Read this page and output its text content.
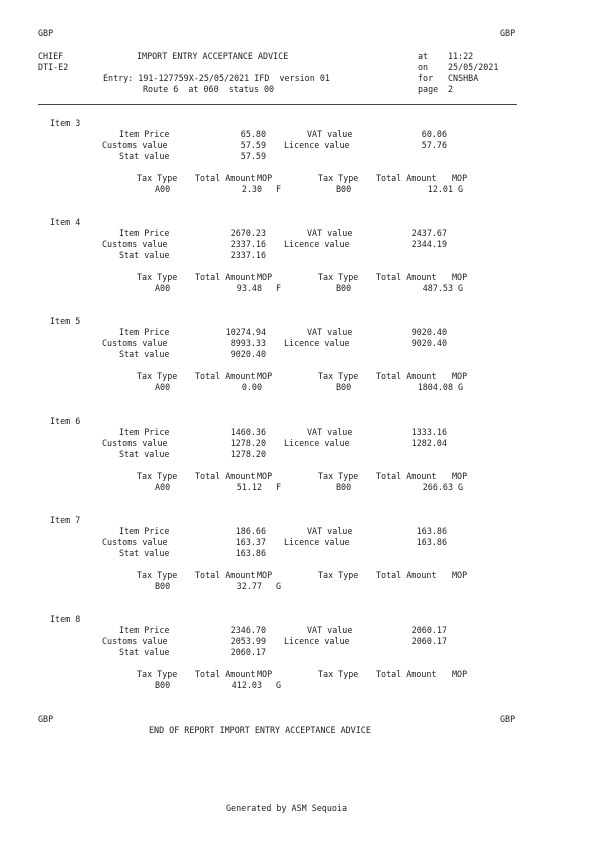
GBP	GBP
CHIEF	IMPORT ENTRY ACCEPTANCE ADVICE	at 11:22
DTI-E2	on 25/05/2021
Entry: 191-127759X-25/05/2021 IFD  version 01	for CNSHBA
Route 6  at 060  status 00	page 2
Item 3
Item Price	65.80	VAT value	60.06
Customs value	57.59 Licence value	57.76
Stat value	57.59
Tax Type Total Amount MOP	Tax Type Total Amount MOP
A00	2.30 F	B00	12.01 G
Item 4
Item Price	2670.23	VAT value	2437.67
Customs value	2337.16 Licence value	2344.19
Stat value	2337.16
Tax Type Total Amount MOP	Tax Type Total Amount MOP
A00	93.48 F	B00	487.53 G
Item 5
Item Price	10274.94	VAT value	9020.40
Customs value	8993.33 Licence value	9020.40
Stat value	9020.40
Tax Type Total Amount MOP	Tax Type Total Amount MOP
A00	0.00	B00	1804.08 G
Item 6
Item Price	1460.36	VAT value	1333.16
Customs value	1278.20 Licence value	1282.04
Stat value	1278.20
Tax Type Total Amount MOP	Tax Type Total Amount MOP
A00	51.12 F	B00	266.63 G
Item 7
Item Price	186.66	VAT value	163.86
Customs value	163.37 Licence value	163.86
Stat value	163.86
Tax Type Total Amount MOP	Tax Type Total Amount MOP
B00	32.77 G
Item 8
Item Price	2346.70	VAT value	2060.17
Customs value	2053.99 Licence value	2060.17
Stat value	2060.17
Tax Type Total Amount MOP	Tax Type Total Amount MOP
B00	412.03 G
GBP	GBP
END OF REPORT IMPORT ENTRY ACCEPTANCE ADVICE
Generated by ASM Sequoia
